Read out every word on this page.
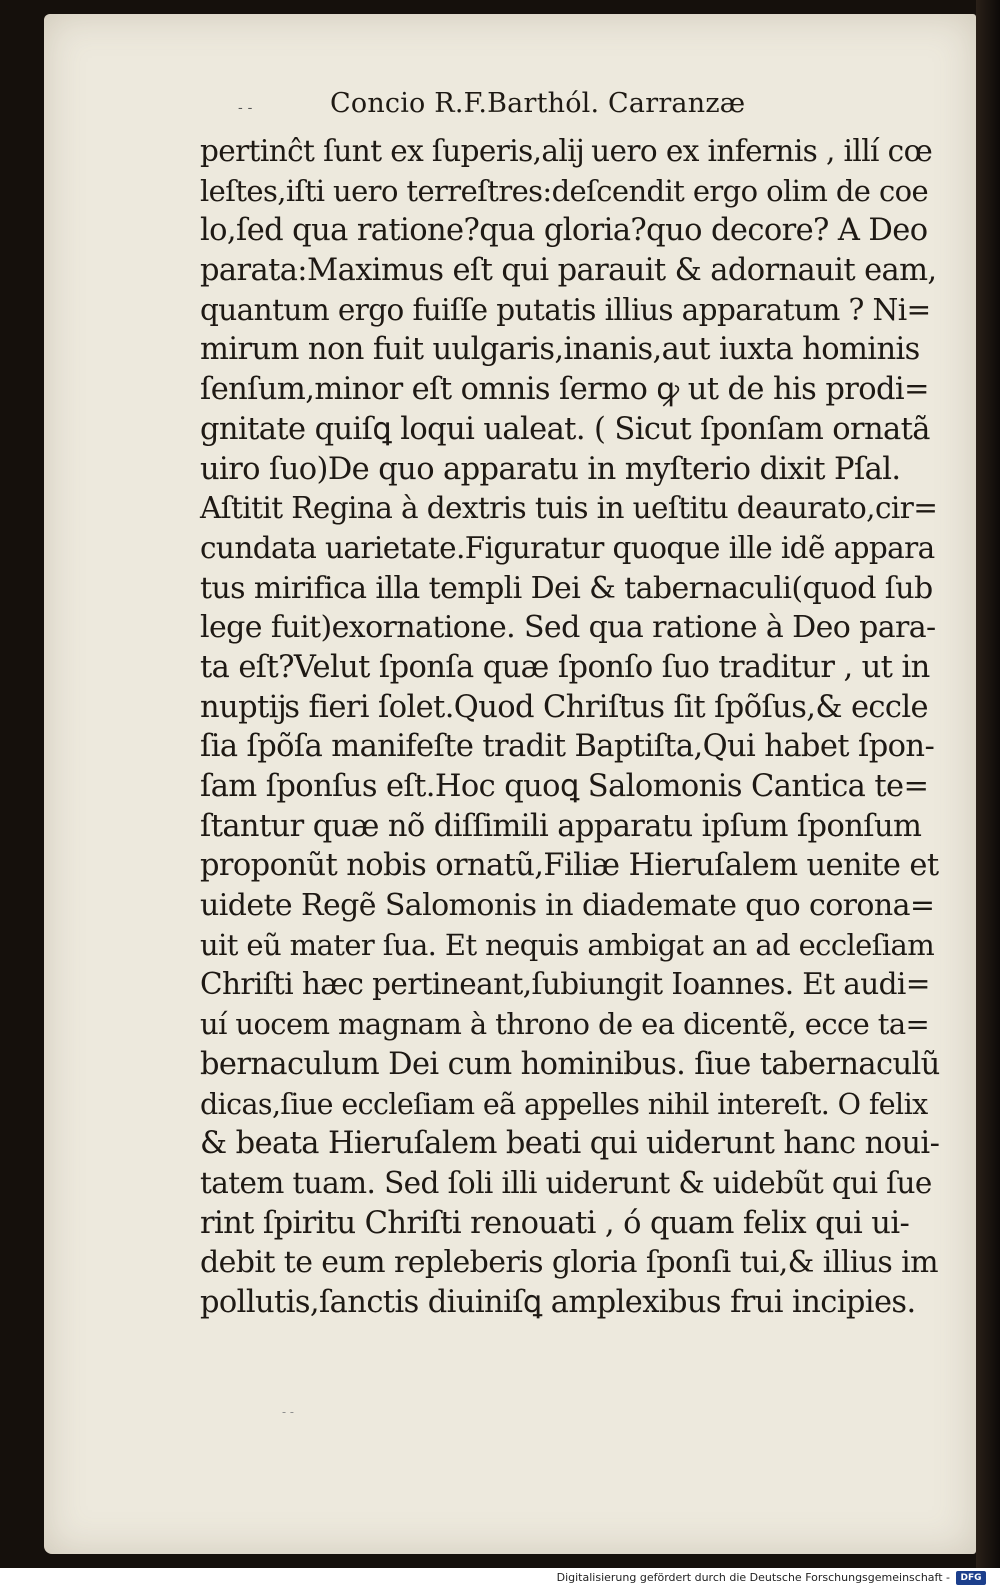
- -	Concio R.F.Barthól. Carranzæ
pertinĉt ſunt ex ſuperis,alĳ uero ex infernis , illí cœ
leſtes,iſti uero terreſtres:deſcendit ergo olim de coe
lo,ſed qua ratione?qua gloria?quo decore? A Deo
parata:Maximus eſt qui parauit & adornauit eam,
quantum ergo fuiſſe putatis illius apparatum ? Ni=
mirum non fuit uulgaris,inanis,aut iuxta hominis
ſenſum,minor eſt omnis ſermo ꝙ ut de his prodi=
gnitate quiſꝗ loqui ualeat. ( Sicut ſponſam ornatã
uiro ſuo)De quo apparatu in myſterio dixit Pſal.
Aſtitit Regina à dextris tuis in ueſtitu deaurato,cir=
cundata uarietate.Figuratur quoque ille idẽ appara
tus mirifica illa templi Dei & tabernaculi(quod ſub
lege fuit)exornatione. Sed qua ratione à Deo para-
ta eſt?Velut ſponſa quæ ſponſo ſuo traditur , ut in
nuptĳs fieri ſolet.Quod Chriſtus ſit ſpõſus,& eccle
ſia ſpõſa manifeſte tradit Baptiſta,Qui habet ſpon-
ſam ſponſus eſt.Hoc quoꝗ Salomonis Cantica te=
ſtantur quæ nõ diſſimili apparatu ipſum ſponſum
proponũt nobis ornatũ,Filiæ Hieruſalem uenite et
uidete Regẽ Salomonis in diademate quo corona=
uit eũ mater ſua. Et nequis ambigat an ad eccleſiam
Chriſti hæc pertineant,ſubiungit Ioannes. Et audi=
uí uocem magnam à throno de ea dicentẽ, ecce ta=
bernaculum Dei cum hominibus. ſiue tabernaculũ
dicas,ſiue eccleſiam eã appelles nihil intereſt. O felix
& beata Hieruſalem beati qui uiderunt hanc noui-
tatem tuam. Sed ſoli illi uiderunt & uidebũt qui ſue
rint ſpiritu Chriſti renouati , ó quam felix qui ui-
debit te eum repleberis gloria ſponſi tui,& illius im
pollutis,ſanctis diuiniſꝗ amplexibus frui incipies.
- -
Digitalisierung gefördert durch die Deutsche Forschungsgemeinschaft -	DFG
